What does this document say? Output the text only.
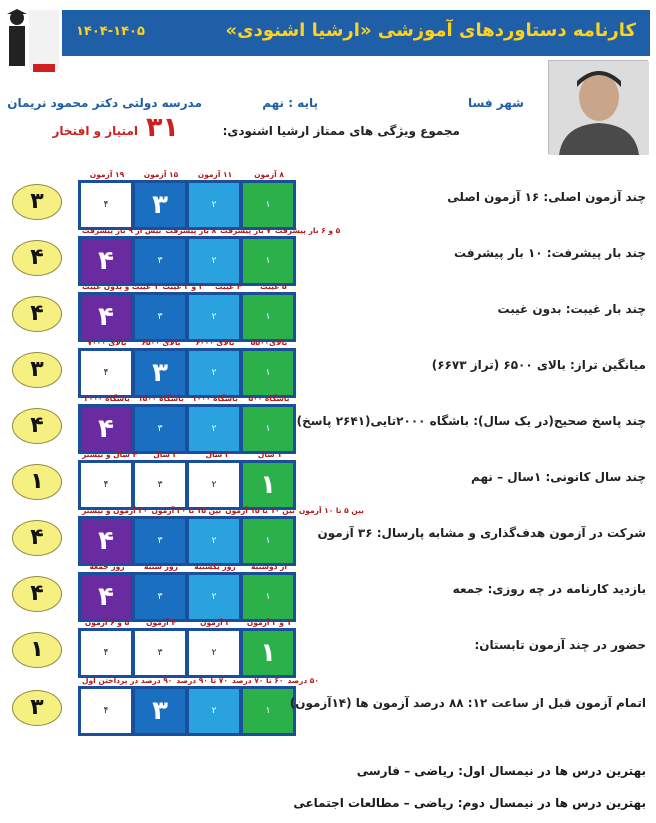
کارنامه دستاوردهای آموزشی «ارشیا اشنودی»
۱۴۰۴-۱۴۰۵
شهر فسا
پایه : نهم
مدرسه دولتی دکتر محمود نریمان
مجموع ویژگی های ممتاز ارشیا اشنودی:
۳۱
امتیاز و افتخار
۳
۱۹ آزمون	۱۵ آزمون	۱۱ آزمون	۸ آزمون
۴	۳	۲	۱
چند آزمون اصلی: ۱۶ آزمون اصلی
۴
بیش از ۹ بار پیشرفت ۸ بار پیشرفت ۷ بار پیشرفت ۵ و ۶ بار پیشرفت
۴	۳	۲	۱
چند بار پیشرفت: ۱۰ بار پیشرفت
۴
۱ غیبت و بدون غیبت ۳ و ۲ غیبت	۴ غیبت	۵ غیبت
۴	۳	۲	۱
چند بار غیبت: بدون غیبت
۳
بالای ۷۰۰۰	بالای ۶۵۰۰	بالای ۶۰۰۰	بالای۵۵۰۰
۴	۳	۲	۱
میانگین تراز: بالای ۶۵۰۰ (تراز ۶۶۷۳)
۴
باشگاه ۲۰۰۰ باشگاه ۱۵۰۰ باشگاه ۱۰۰۰	باشگاه ۵۰۰
۴	۳	۲	۱
چند پاسخ صحیح(در یک سال): باشگاه ۲۰۰۰تایی(۲۶۴۱ پاسخ)
۱
۴ سال و بیشتر	۳ سال	۲ سال	۱ سال
۴	۳	۲	۱	چند سال کانونی: ۱سال – نهم
۴
۲۰ آزمون و بیشتر بین ۱۵ تا ۲۰ آزمون بین ۱۰ تا ۱۵ آزمون بین ۵ تا ۱۰ آزمون
۴	۳	۲	۱
شرکت در آزمون هدف‌گذاری و مشابه پارسال: ۳۶ آزمون
۴
روز جمعه	روز شنبه	روز یکشنبه	از دوشنبه
۴	۳	۲	۱
بازدید کارنامه در چه روزی: جمعه
۱
۵ و ۶ آزمون	۴ آزمون	۳ آزمون	۱ و ۲ آزمون
۴	۳	۲	۱	حضور در چند آزمون تابستان:
۳
۹۰ درصد در پرداختن اول ۷۰ تا ۹۰ درصد ۶۰ تا ۷۰ درصد ۵۰ درصد
۴	۳	۲	۱
اتمام آزمون قبل از ساعت ۱۲: ۸۸ درصد آزمون ها (۱۴آزمون)
بهترین درس ها در نیمسال اول: ریاضی – فارسی
بهترین درس ها در نیمسال دوم: ریاضی – مطالعات اجتماعی
